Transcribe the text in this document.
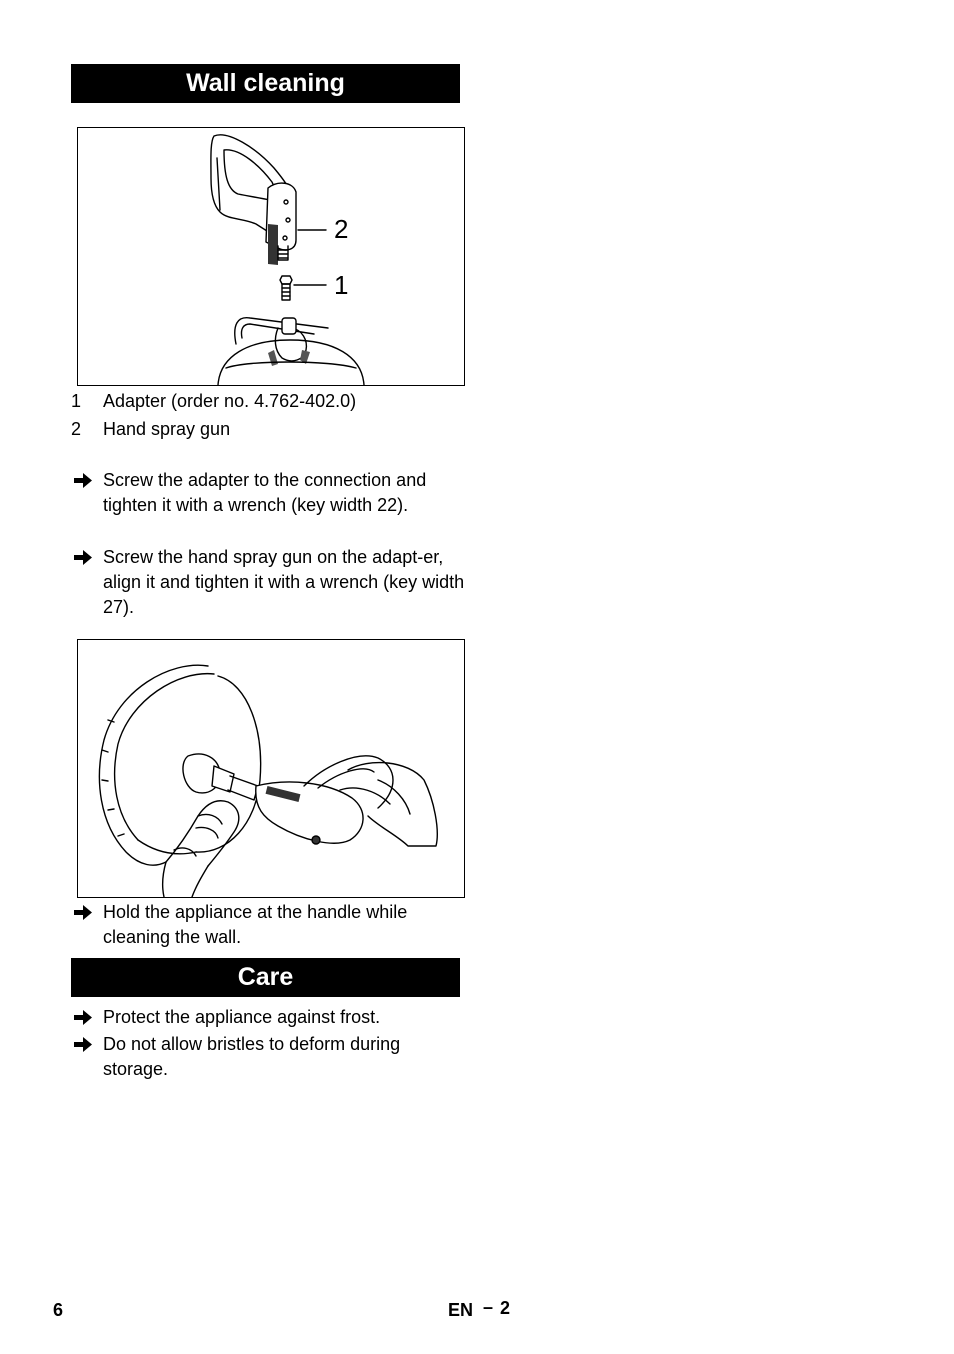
Wall cleaning
2
1
1 Adapter (order no. 4.762-402.0)
2 Hand spray gun
Screw the adapter to the connection and tighten it with a wrench (key width 22).
Screw the hand spray gun on the adapt-er, align it and tighten it with a wrench (key width 27).
Hold the appliance at the handle while cleaning the wall.
Care
Protect the appliance against frost.
Do not allow bristles to deform during storage.
6	EN – 2
